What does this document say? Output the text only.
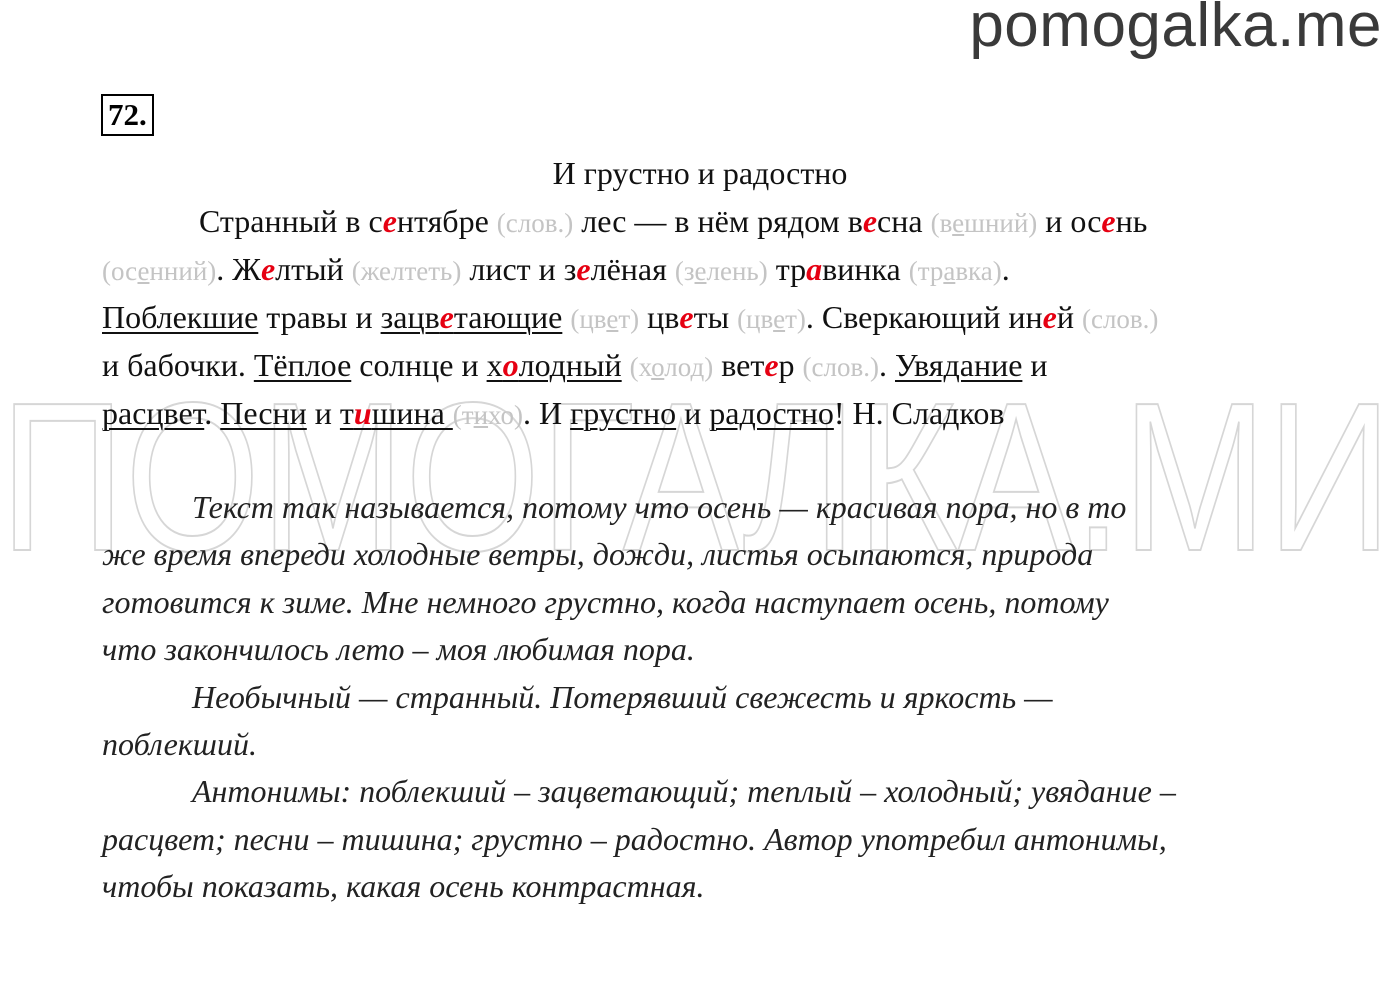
pomogalka.me
72.
ПОМОГАЛКА.МИ
И грустно и радостно
Странный в сентябре (слов.) лес — в нём рядом весна (вешний) и осень
(осенний). Желтый (желтеть) лист и зелёная (зелень) травинка (травка).
Поблекшие травы и зацветающие (цвет) цветы (цвет). Сверкающий иней (слов.)
и бабочки. Тёплое солнце и холодный (холод) ветер (слов.). Увядание и
расцвет. Песни и тишина (тихо). И грустно и радостно! Н. Сладков
Текст так называется, потому что осень — красивая пора, но в то
же время впереди холодные ветры, дожди, листья осыпаются, природа
готовится к зиме. Мне немного грустно, когда наступает осень, потому
что закончилось лето – моя любимая пора.
Необычный — странный. Потерявший свежесть и яркость —
поблекший.
Антонимы: поблекший – зацветающий; теплый – холодный; увядание –
расцвет; песни – тишина; грустно – радостно. Автор употребил антонимы,
чтобы показать, какая осень контрастная.
